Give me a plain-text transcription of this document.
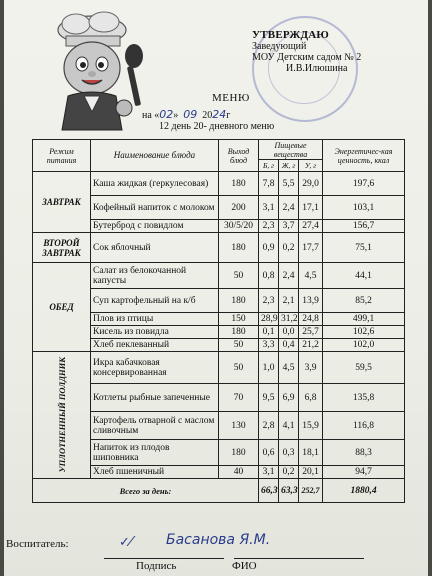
УТВЕРЖДАЮ
Заведующий
МОУ Детским садом № 2
И.В.Илюшина
МЕНЮ
на «02» 09 2024г
12 день 20- дневного меню
Режим питания	Наименование блюда	Выход блюд	Пищевые вещества			Энергетичес-кая ценность, ккал
			Б, г	Ж, г	У, г	
ЗАВТРАК	Каша жидкая (геркулесовая)	180	7,8	5,5	29,0	197,6
	Кофейный напиток с молоком	200	3,1	2,4	17,1	103,1
	Бутерброд с повидлом	30/5/20	2,3	3,7	27,4	156,7
ВТОРОЙ ЗАВТРАК	Сок яблочный	180	0,9	0,2	17,7	75,1
ОБЕД	Салат из белокочанной капусты	50	0,8	2,4	4,5	44,1
	Суп картофельный на к/б	180	2,3	2,1	13,9	85,2
	Плов из птицы	150	28,9	31,2	24,8	499,1
	Кисель из повидла	180	0,1	0,0	25,7	102,6
	Хлеб пеклеванный	50	3,3	0,4	21,2	102,0

УПЛОТНЕННЫЙ ПОЛДНИК	Икра кабачковая консервированная	50	1,0	4,5	3,9	59,5
	Котлеты рыбные запеченные	70	9,5	6,9	6,8	135,8
	Картофель отварной с маслом сливочным	130	2,8	4,1	15,9	116,8
	Напиток из плодов шиповника	180	0,6	0,3	18,1	88,3
	Хлеб пшеничный	40	3,1	0,2	20,1	94,7
Всего за день:			66,3	63,3	252,7	1880,4
Воспитатель:	✓⁄ Басанова Я.М.
Подпись	ФИО
